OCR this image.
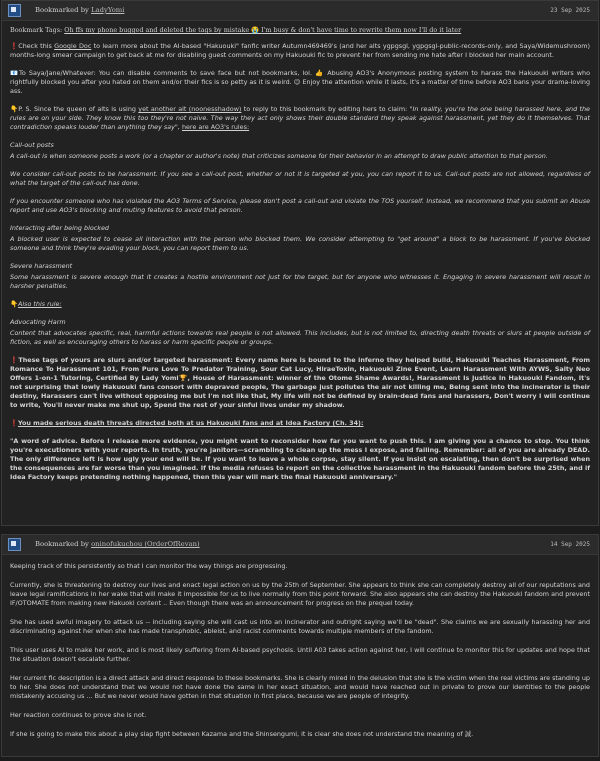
Bookmarked by LadyYomi	23 Sep 2025
Bookmark Tags: Oh ffs my phone bugged and deleted the tags by mistake 😭 I'm busy & don't have time to rewrite them now I'll do it later

❗Check this Google Doc to learn more about the AI-based "Hakuouki" fanfic writer Autumn469469's (and her alts ygpgsgl, ygpgsgl-public-records-only, and Saya/Widemushroom) months-long smear campaign to get back at me for disabling guest comments on my Hakuouki fic to prevent her from sending me hate after I blocked her main account.

📧To Saya/Jane/Whatever: You can disable comments to save face but not bookmarks, lol. 👍 Abusing AO3's Anonymous posting system to harass the Hakuouki writers who rightfully blocked you after you hated on them and/or their fics is so petty as it is weird. 😉 Enjoy the attention while it lasts, it's a matter of time before AO3 bans your drama-loving ass.

👇P. S. Since the queen of alts is using yet another alt (noonesshadow) to reply to this bookmark by editing hers to claim: "In reality, you're the one being harassed here, and the rules are on your side. They know this too they're not naive. The way they act only shows their double standard they speak against harassment, yet they do it themselves. That contradiction speaks louder than anything they say", here are AO3's rules:

Call-out posts

A call-out is when someone posts a work (or a chapter or author's note) that criticizes someone for their behavior in an attempt to draw public attention to that person.

We consider call-out posts to be harassment. If you see a call-out post, whether or not it is targeted at you, you can report it to us. Call-out posts are not allowed, regardless of what the target of the call-out has done.

If you encounter someone who has violated the AO3 Terms of Service, please don't post a call-out and violate the TOS yourself. Instead, we recommend that you submit an Abuse report and use AO3's blocking and muting features to avoid that person.

Interacting after being blocked

A blocked user is expected to cease all interaction with the person who blocked them. We consider attempting to "get around" a block to be harassment. If you've blocked someone and think they're evading your block, you can report them to us.

Severe harassment

Some harassment is severe enough that it creates a hostile environment not just for the target, but for anyone who witnesses it. Engaging in severe harassment will result in harsher penalties.

👇Also this rule:

Advocating Harm

Content that advocates specific, real, harmful actions towards real people is not allowed. This includes, but is not limited to, directing death threats or slurs at people outside of fiction, as well as encouraging others to harass or harm specific people or groups.

❗These tags of yours are slurs and/or targeted harassment: Every name here is bound to the inferno they helped build, Hakuouki Teaches Harassment, From Romance To Harassment 101, From Pure Love To Predator Training, Sour Cat Lucy, HiraeToxin, Hakuouki Zine Event, Learn Harassment With AYWS, Salty Neo Offers 1-on-1 Tutoring, Certified By Lady Yomi🏆, House of Harassment: winner of the Otome Shame Awards!, Harassment Is Justice In Hakuouki Fandom, It's not surprising that lowly Hakuouki fans consort with depraved people, The garbage just pollutes the air not killing me, Being sent into the incinerator is their destiny, Harassers can't live without opposing me but I'm not like that, My life will not be defined by brain-dead fans and harassers, Don't worry I will continue to write, You'll never make me shut up, Spend the rest of your sinful lives under my shadow.

❗You made serious death threats directed both at us Hakuouki fans and at Idea Factory (Ch. 34):

"A word of advice. Before I release more evidence, you might want to reconsider how far you want to push this. I am giving you a chance to stop. You think you're executioners with your reports. In truth, you're janitors—scrambling to clean up the mess I expose, and failing. Remember: all of you are already DEAD. The only difference left is how ugly your end will be. If you want to leave a whole corpse, stay silent. If you insist on escalating, then don't be surprised when the consequences are far worse than you imagined. If the media refuses to report on the collective harassment in the Hakuouki fandom before the 25th, and if Idea Factory keeps pretending nothing happened, then this year will mark the final Hakuouki anniversary."

Bookmarked by oninofukuchou (OrderOfRevan)	14 Sep 2025

Keeping track of this persistently so that I can monitor the way things are progressing.

Currently, she is threatening to destroy our lives and enact legal action on us by the 25th of September. She appears to think she can completely destroy all of our reputations and leave legal ramifications in her wake that will make it impossible for us to live normally from this point forward. She also appears she can destroy the Hakuouki fandom and prevent IF/OTOMATE from making new Hakuoki content .. Even though there was an announcement for progress on the prequel today.

She has used awful imagery to attack us -- including saying she will cast us into an incinerator and outright saying we'll be "dead". She claims we are sexually harassing her and discriminating against her when she has made transphobic, ableist, and racist comments towards multiple members of the fandom.

This user uses AI to make her work, and is most likely suffering from AI-based psychosis. Until A03 takes action against her, I will continue to monitor this for updates and hope that the situation doesn't escalate further.

Her current fic description is a direct attack and direct response to these bookmarks. She is clearly mired in the delusion that she is the victim when the real victims are standing up to her. She does not understand that we would not have done the same in her exact situation, and would have reached out in private to prove our identities to the people mistakenly accusing us ... But we never would have gotten in that situation in first place, because we are people of integrity.

Her reaction continues to prove she is not.

If she is going to make this about a play slap fight between Kazama and the Shinsengumi, it is clear she does not understand the meaning of 誠.
